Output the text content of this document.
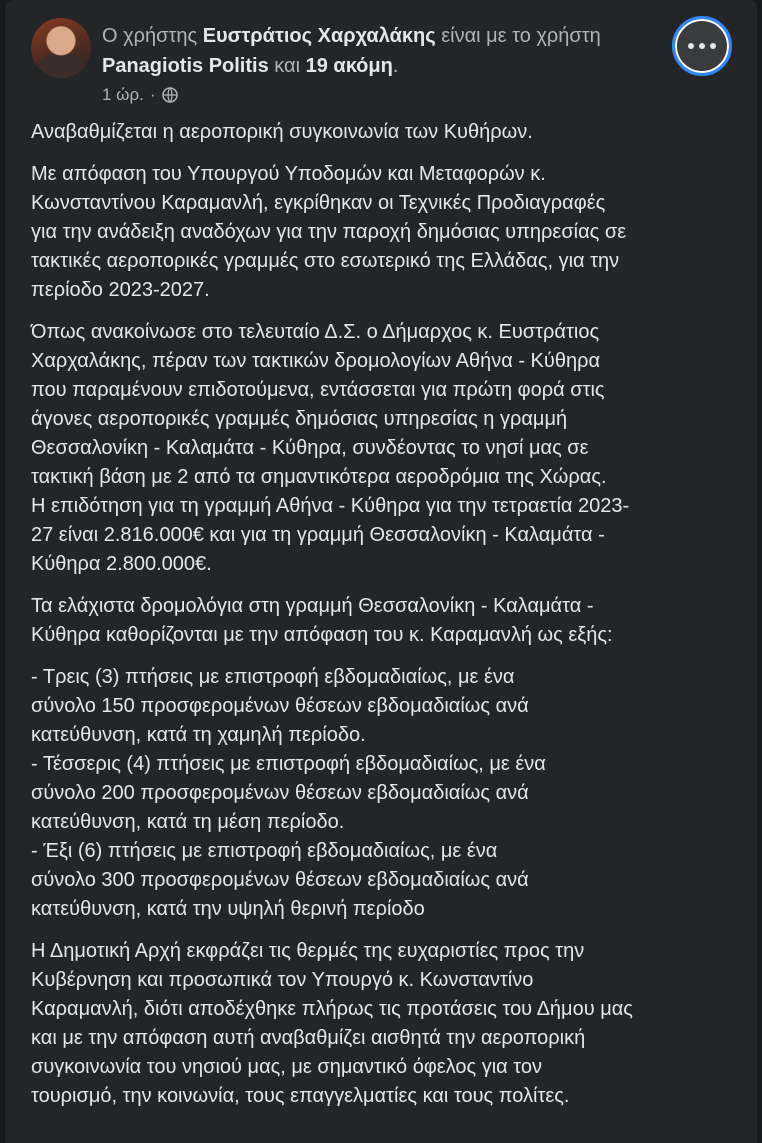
Ο χρήστης Ευστράτιος Χαρχαλάκης είναι με το χρήστη
Panagiotis Politis και 19 ακόμη.
1 ώρ. ·

Αναβαθμίζεται η αεροπορική συγκοινωνία των Κυθήρων.

Με απόφαση του Υπουργού Υποδομών και Μεταφορών κ.
Κωνσταντίνου Καραμανλή, εγκρίθηκαν οι Τεχνικές Προδιαγραφές
για την ανάδειξη αναδόχων για την παροχή δημόσιας υπηρεσίας σε
τακτικές αεροπορικές γραμμές στο εσωτερικό της Ελλάδας, για την
περίοδο 2023-2027.

Όπως ανακοίνωσε στο τελευταίο Δ.Σ. ο Δήμαρχος κ. Ευστράτιος
Χαρχαλάκης, πέραν των τακτικών δρομολογίων Αθήνα - Κύθηρα
που παραμένουν επιδοτούμενα, εντάσσεται για πρώτη φορά στις
άγονες αεροπορικές γραμμές δημόσιας υπηρεσίας η γραμμή
Θεσσαλονίκη - Καλαμάτα - Κύθηρα, συνδέοντας το νησί μας σε
τακτική βάση με 2 από τα σημαντικότερα αεροδρόμια της Χώρας.
Η επιδότηση για τη γραμμή Αθήνα - Κύθηρα για την τετραετία 2023-
27 είναι 2.816.000€ και για τη γραμμή Θεσσαλονίκη - Καλαμάτα -
Κύθηρα 2.800.000€.

Τα ελάχιστα δρομολόγια στη γραμμή Θεσσαλονίκη - Καλαμάτα -
Κύθηρα καθορίζονται με την απόφαση του κ. Καραμανλή ως εξής:

- Τρεις (3) πτήσεις με επιστροφή εβδομαδιαίως, με ένα
σύνολο 150 προσφερομένων θέσεων εβδομαδιαίως ανά
κατεύθυνση, κατά τη χαμηλή περίοδο.
- Τέσσερις (4) πτήσεις με επιστροφή εβδομαδιαίως, με ένα
σύνολο 200 προσφερομένων θέσεων εβδομαδιαίως ανά
κατεύθυνση, κατά τη μέση περίοδο.
- Έξι (6) πτήσεις με επιστροφή εβδομαδιαίως, με ένα
σύνολο 300 προσφερομένων θέσεων εβδομαδιαίως ανά
κατεύθυνση, κατά την υψηλή θερινή περίοδο

Η Δημοτική Αρχή εκφράζει τις θερμές της ευχαριστίες προς την
Κυβέρνηση και προσωπικά τον Υπουργό κ. Κωνσταντίνο
Καραμανλή, διότι αποδέχθηκε πλήρως τις προτάσεις του Δήμου μας
και με την απόφαση αυτή αναβαθμίζει αισθητά την αεροπορική
συγκοινωνία του νησιού μας, με σημαντικό όφελος για τον
τουρισμό, την κοινωνία, τους επαγγελματίες και τους πολίτες.
